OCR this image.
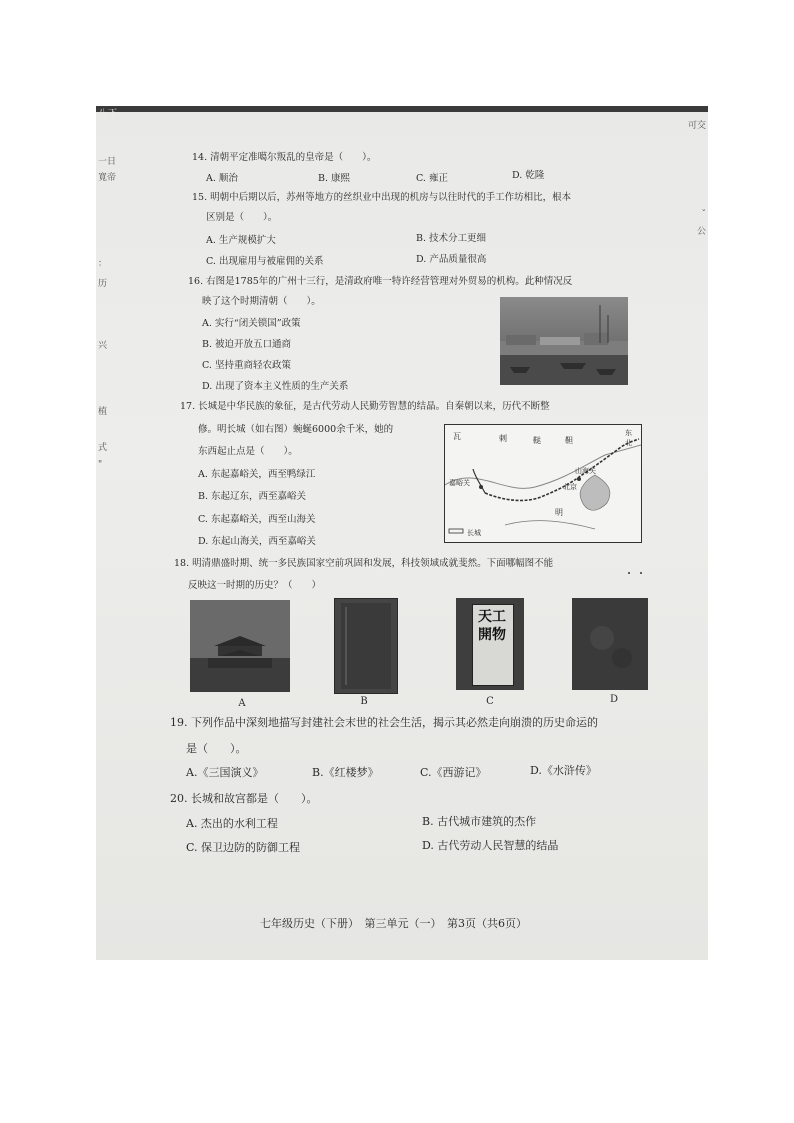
八下·…
一日
寬帝
：
历
兴
植
式
"
可交
ˇ
公
14. 清朝平定准噶尔叛乱的皇帝是（　　）。
A. 顺治	B. 康熙	C. 雍正	D. 乾隆
15. 明朝中后期以后，苏州等地方的丝织业中出现的机房与以往时代的手工作坊相比，根本
区别是（　　）。
A. 生产规模扩大	B. 技术分工更细
C. 出现雇用与被雇佣的关系	D. 产品质量很高
16. 右图是1785年的广州十三行，是清政府唯一特许经营管理对外贸易的机构。此种情况反
映了这个时期清朝（　　）。
A. 实行“闭关锁国”政策
B. 被迫开放五口通商
C. 坚持重商轻农政策
D. 出现了资本主义性质的生产关系
17. 长城是中华民族的象征，是古代劳动人民勤劳智慧的结晶。自秦朝以来，历代不断整
修。明长城（如右图）蜿蜒6000余千米，她的
东西起止点是（　　）。
A. 东起嘉峪关，西至鸭绿江
B. 东起辽东，西至嘉峪关
C. 东起嘉峪关，西至山海关
D. 东起山海关，西至嘉峪关
瓦	剌	鞑	靼
东
北
嘉峪关
山海关
北京
明
长城
18. 明清鼎盛时期、统一多民族国家空前巩固和发展，科技领域成就斐然。下面哪幅图不能
反映这一时期的历史？（　　）
天工開物
A	B	C	D
19. 下列作品中深刻地描写封建社会末世的社会生活，揭示其必然走向崩溃的历史命运的
是（　　）。
A.《三国演义》	B.《红楼梦》	C.《西游记》	D.《水浒传》
20. 长城和故宫都是（　　）。
A. 杰出的水利工程	B. 古代城市建筑的杰作
C. 保卫边防的防御工程	D. 古代劳动人民智慧的结晶
七年级历史（下册）　第三单元（一）　第3页（共6页）
